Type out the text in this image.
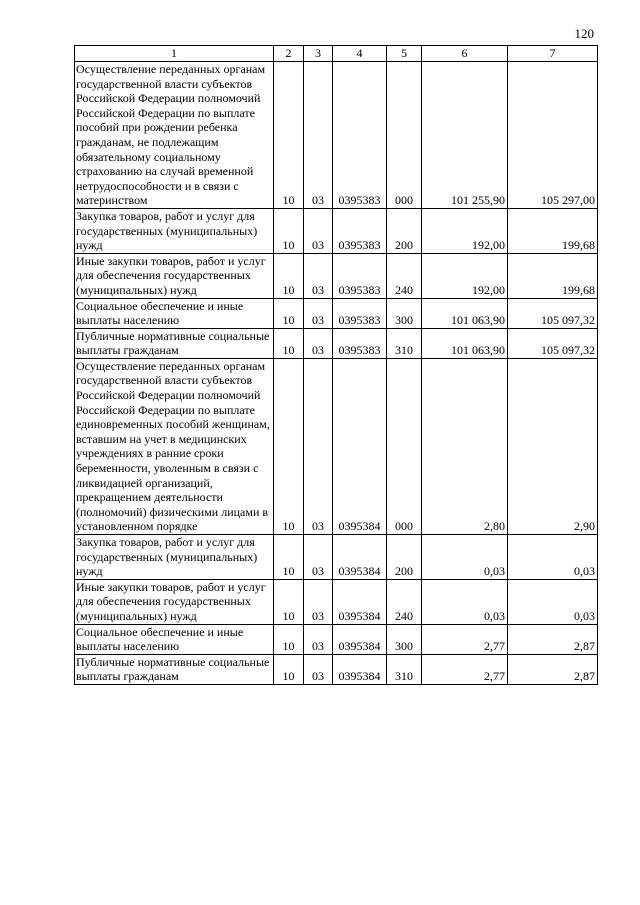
120
1	2	3	4	5	6	7
Осуществление переданных органам государственной власти субъектов Российской Федерации полномочий Российской Федерации по выплате пособий при рождении ребенка гражданам, не подлежащим обязательному социальному страхованию на случай временной нетрудоспособности и в связи с материнством	10	03	0395383	000	101 255,90	105 297,00
Закупка товаров, работ и услуг для государственных (муниципальных) нужд	10	03	0395383	200	192,00	199,68
Иные закупки товаров, работ и услуг для обеспечения государственных (муниципальных) нужд	10	03	0395383	240	192,00	199,68
Социальное обеспечение и иные выплаты населению	10	03	0395383	300	101 063,90	105 097,32
Публичные нормативные социальные выплаты гражданам	10	03	0395383	310	101 063,90	105 097,32
Осуществление переданных органам государственной власти субъектов Российской Федерации полномочий Российской Федерации по выплате единовременных пособий женщинам, вставшим на учет в медицинских учреждениях в ранние сроки беременности, уволенным в связи с ликвидацией организаций, прекращением деятельности (полномочий) физическими лицами в установленном порядке	10	03	0395384	000	2,80	2,90
Закупка товаров, работ и услуг для государственных (муниципальных) нужд	10	03	0395384	200	0,03	0,03
Иные закупки товаров, работ и услуг для обеспечения государственных (муниципальных) нужд	10	03	0395384	240	0,03	0,03
Социальное обеспечение и иные выплаты населению	10	03	0395384	300	2,77	2,87
Публичные нормативные социальные выплаты гражданам	10	03	0395384	310	2,77	2,87
